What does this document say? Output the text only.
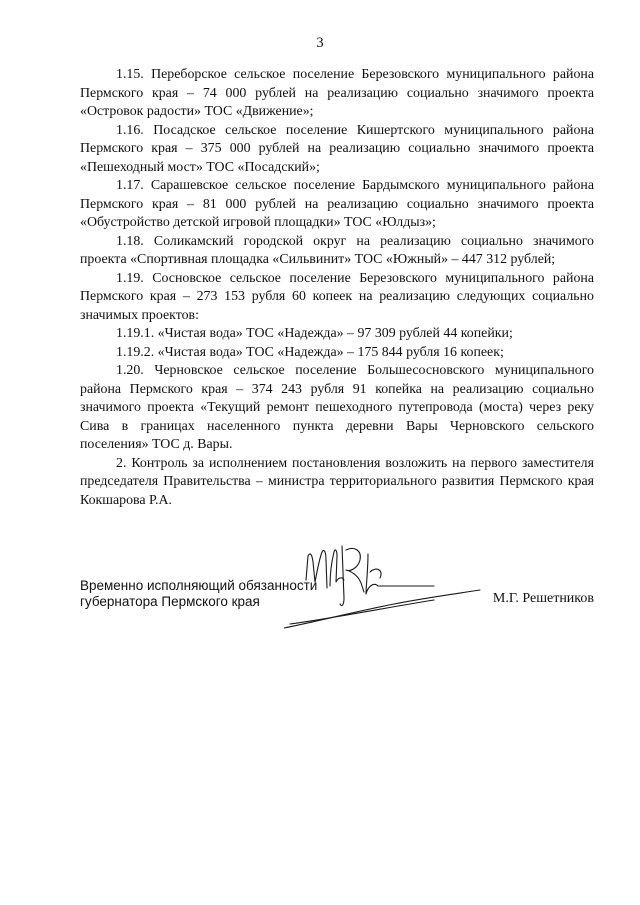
3

1.15. Переборское сельское поселение Березовского муниципального района Пермского края – 74 000 рублей на реализацию социально значимого проекта «Островок радости» ТОС «Движение»;

1.16. Посадское сельское поселение Кишертского муниципального района Пермского края – 375 000 рублей на реализацию социально значимого проекта «Пешеходный мост» ТОС «Посадский»;

1.17. Сарашевское сельское поселение Бардымского муниципального района Пермского края – 81 000 рублей на реализацию социально значимого проекта «Обустройство детской игровой площадки» ТОС «Юлдыз»;

1.18. Соликамский городской округ на реализацию социально значимого проекта «Спортивная площадка «Сильвинит» ТОС «Южный» – 447 312 рублей;

1.19. Сосновское сельское поселение Березовского муниципального района Пермского края – 273 153 рубля 60 копеек на реализацию следующих социально значимых проектов:

1.19.1. «Чистая вода» ТОС «Надежда» – 97 309 рублей 44 копейки;

1.19.2. «Чистая вода» ТОС «Надежда» – 175 844 рубля 16 копеек;

1.20. Черновское сельское поселение Большесосновского муниципального района Пермского края – 374 243 рубля 91 копейка на реализацию социально значимого проекта «Текущий ремонт пешеходного путепровода (моста) через реку Сива в границах населенного пункта деревни Вары Черновского сельского поселения» ТОС д. Вары.

2. Контроль за исполнением постановления возложить на первого заместителя председателя Правительства – министра территориального развития Пермского края Кокшарова Р.А.

Временно исполняющий обязанности
губернатора Пермского края	М.Г. Решетников
